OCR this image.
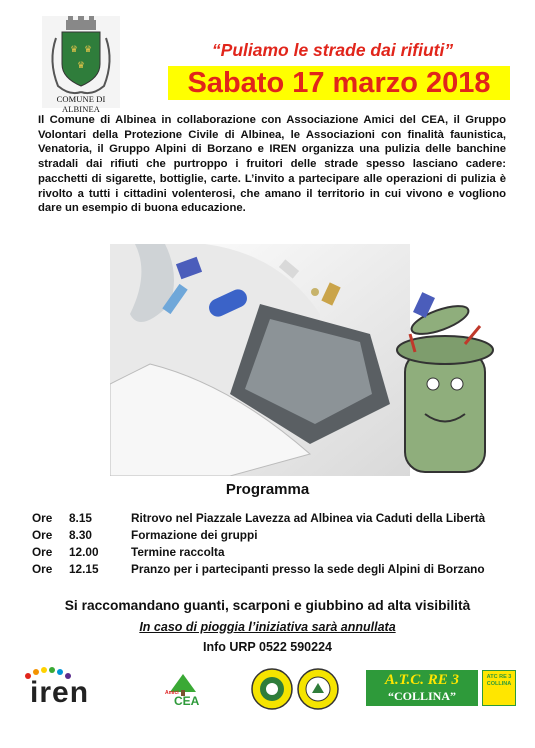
♛ ♛
♛
COMUNE DI ALBINEA
“Puliamo le strade dai rifiuti”
Sabato 17 marzo 2018
Il Comune di Albinea in collaborazione con Associazione Amici del CEA, il Gruppo Volontari della Protezione Civile di Albinea, le Associazioni con finalità faunistica, Venatoria, il Gruppo Alpini di Borzano e IREN organizza una pulizia delle banchine stradali dai rifiuti che purtroppo i fruitori delle strade spesso lasciano cadere: pacchetti di sigarette, bottiglie, carte. L’invito a partecipare alle operazioni di pulizia è rivolto a tutti i cittadini volenterosi, che amano il territorio in cui vivono e vogliono dare un esempio di buona educazione.
Programma
Ore	8.15	Ritrovo nel Piazzale Lavezza ad Albinea via Caduti della Libertà
Ore	8.30	Formazione dei gruppi
Ore	12.00	Termine raccolta
Ore	12.15	Pranzo per i partecipanti presso la sede degli Alpini di Borzano
Si raccomandano guanti, scarponi e giubbino ad alta visibilità
In caso di pioggia l’iniziativa sarà annullata
Info URP 0522 590224
iren	Amici
CEA
A.T.C. RE 3
“COLLINA”
ATC RE 3 COLLINA
